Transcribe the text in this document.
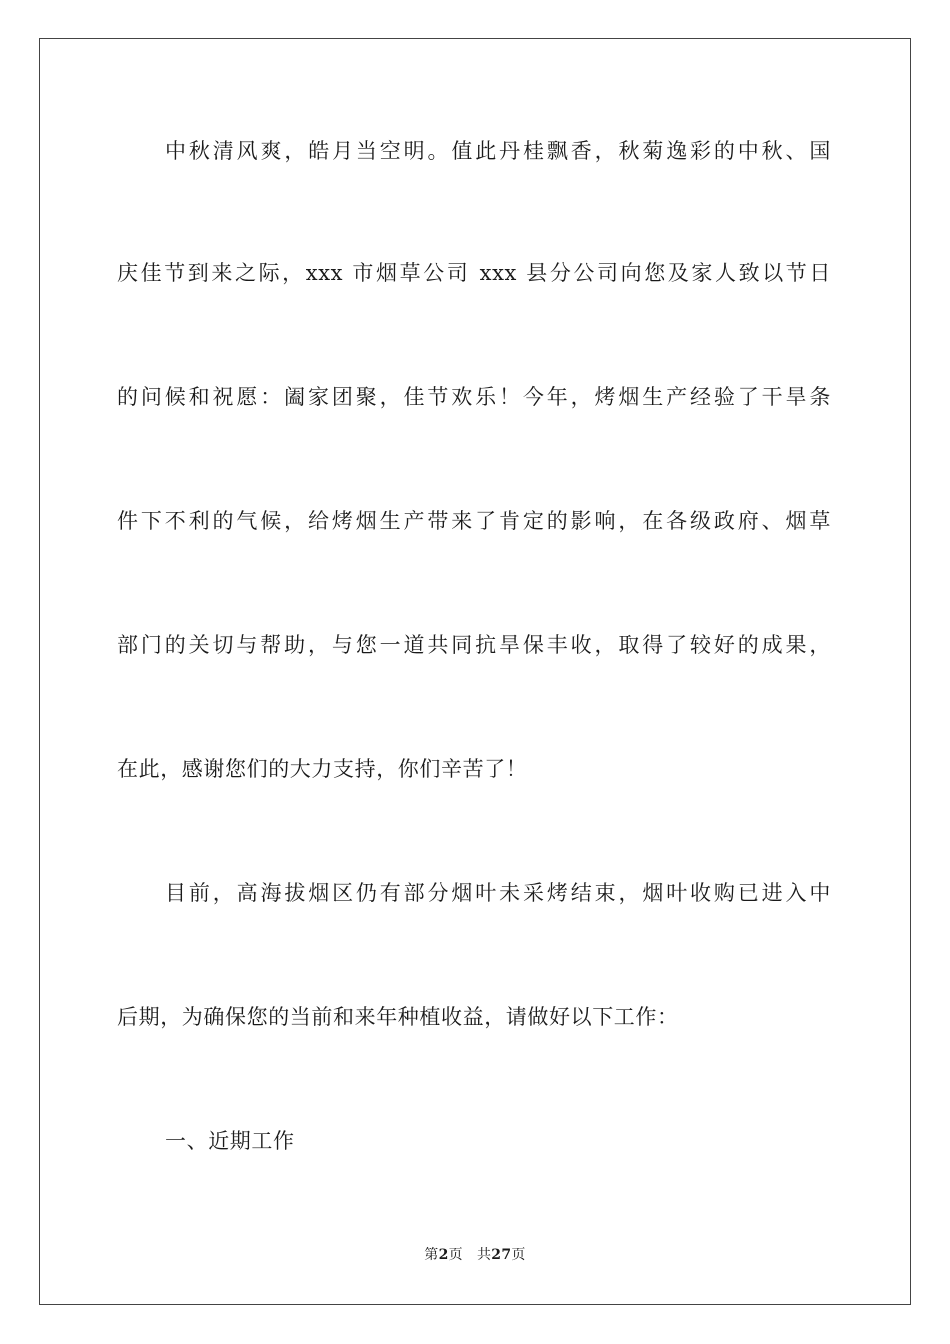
中秋清风爽，皓月当空明。值此丹桂飘香，秋菊逸彩的中秋、国
庆佳节到来之际，xxx 市烟草公司 xxx 县分公司向您及家人致以节日
的问候和祝愿：阖家团聚，佳节欢乐！今年，烤烟生产经验了干旱条
件下不利的气候，给烤烟生产带来了肯定的影响，在各级政府、烟草
部门的关切与帮助，与您一道共同抗旱保丰收，取得了较好的成果，
在此，感谢您们的大力支持，你们辛苦了！
目前，高海拔烟区仍有部分烟叶未采烤结束，烟叶收购已进入中
后期，为确保您的当前和来年种植收益，请做好以下工作：
一、近期工作
第2页 共27页
